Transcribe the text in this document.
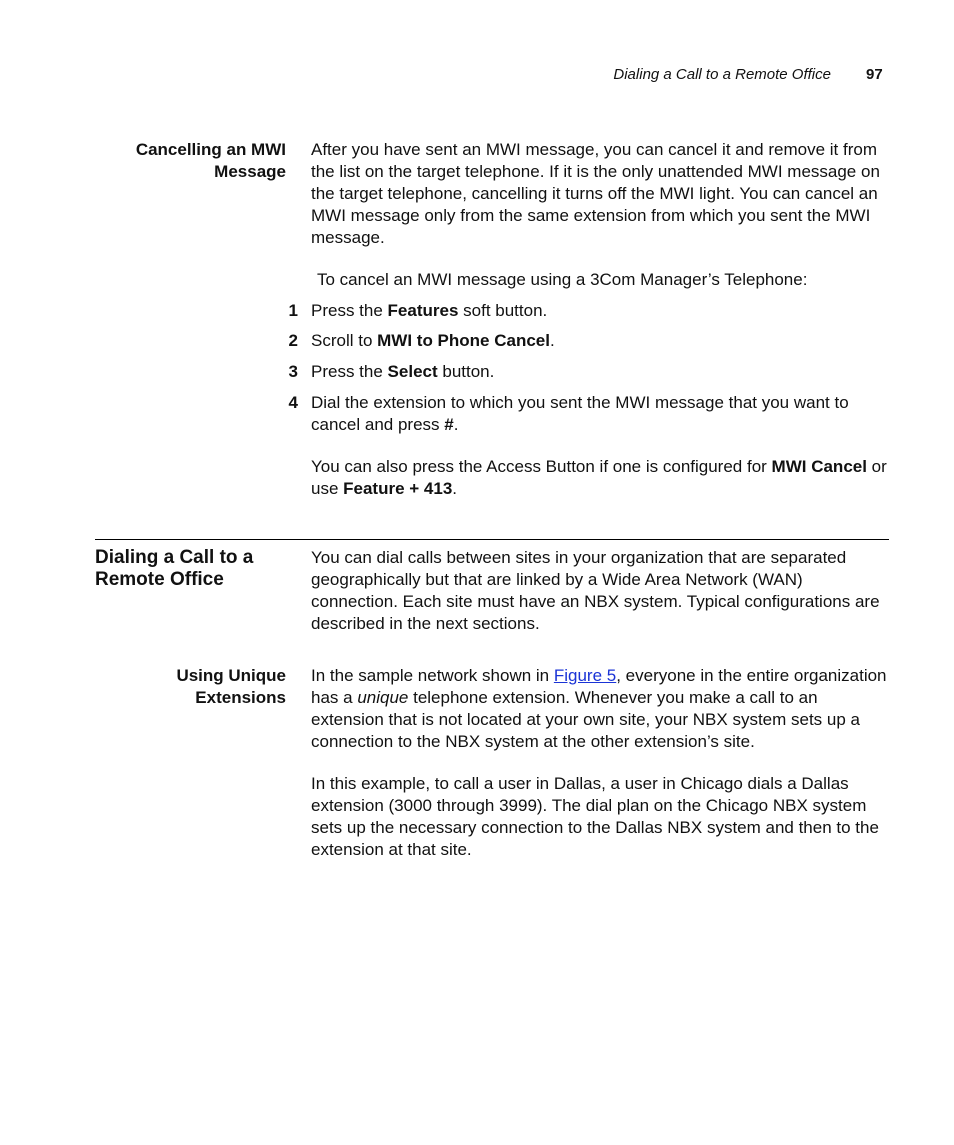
Dialing a Call to a Remote Office 97
Cancelling an MWI Message

After you have sent an MWI message, you can cancel it and remove it from the list on the target telephone. If it is the only unattended MWI message on the target telephone, cancelling it turns off the MWI light. You can cancel an MWI message only from the same extension from which you sent the MWI message.

To cancel an MWI message using a 3Com Manager’s Telephone:
1 Press the Features soft button.
2 Scroll to MWI to Phone Cancel.
3 Press the Select button.
4 Dial the extension to which you sent the MWI message that you want to cancel and press #.
You can also press the Access Button if one is configured for MWI Cancel or use Feature + 413.
Dialing a Call to a Remote Office

You can dial calls between sites in your organization that are separated geographically but that are linked by a Wide Area Network (WAN) connection. Each site must have an NBX system. Typical configurations are described in the next sections.

Using Unique Extensions
In the sample network shown in Figure 5, everyone in the entire organization has a unique telephone extension. Whenever you make a call to an extension that is not located at your own site, your NBX system sets up a connection to the NBX system at the other extension’s site.

In this example, to call a user in Dallas, a user in Chicago dials a Dallas extension (3000 through 3999). The dial plan on the Chicago NBX system sets up the necessary connection to the Dallas NBX system and then to the extension at that site.
